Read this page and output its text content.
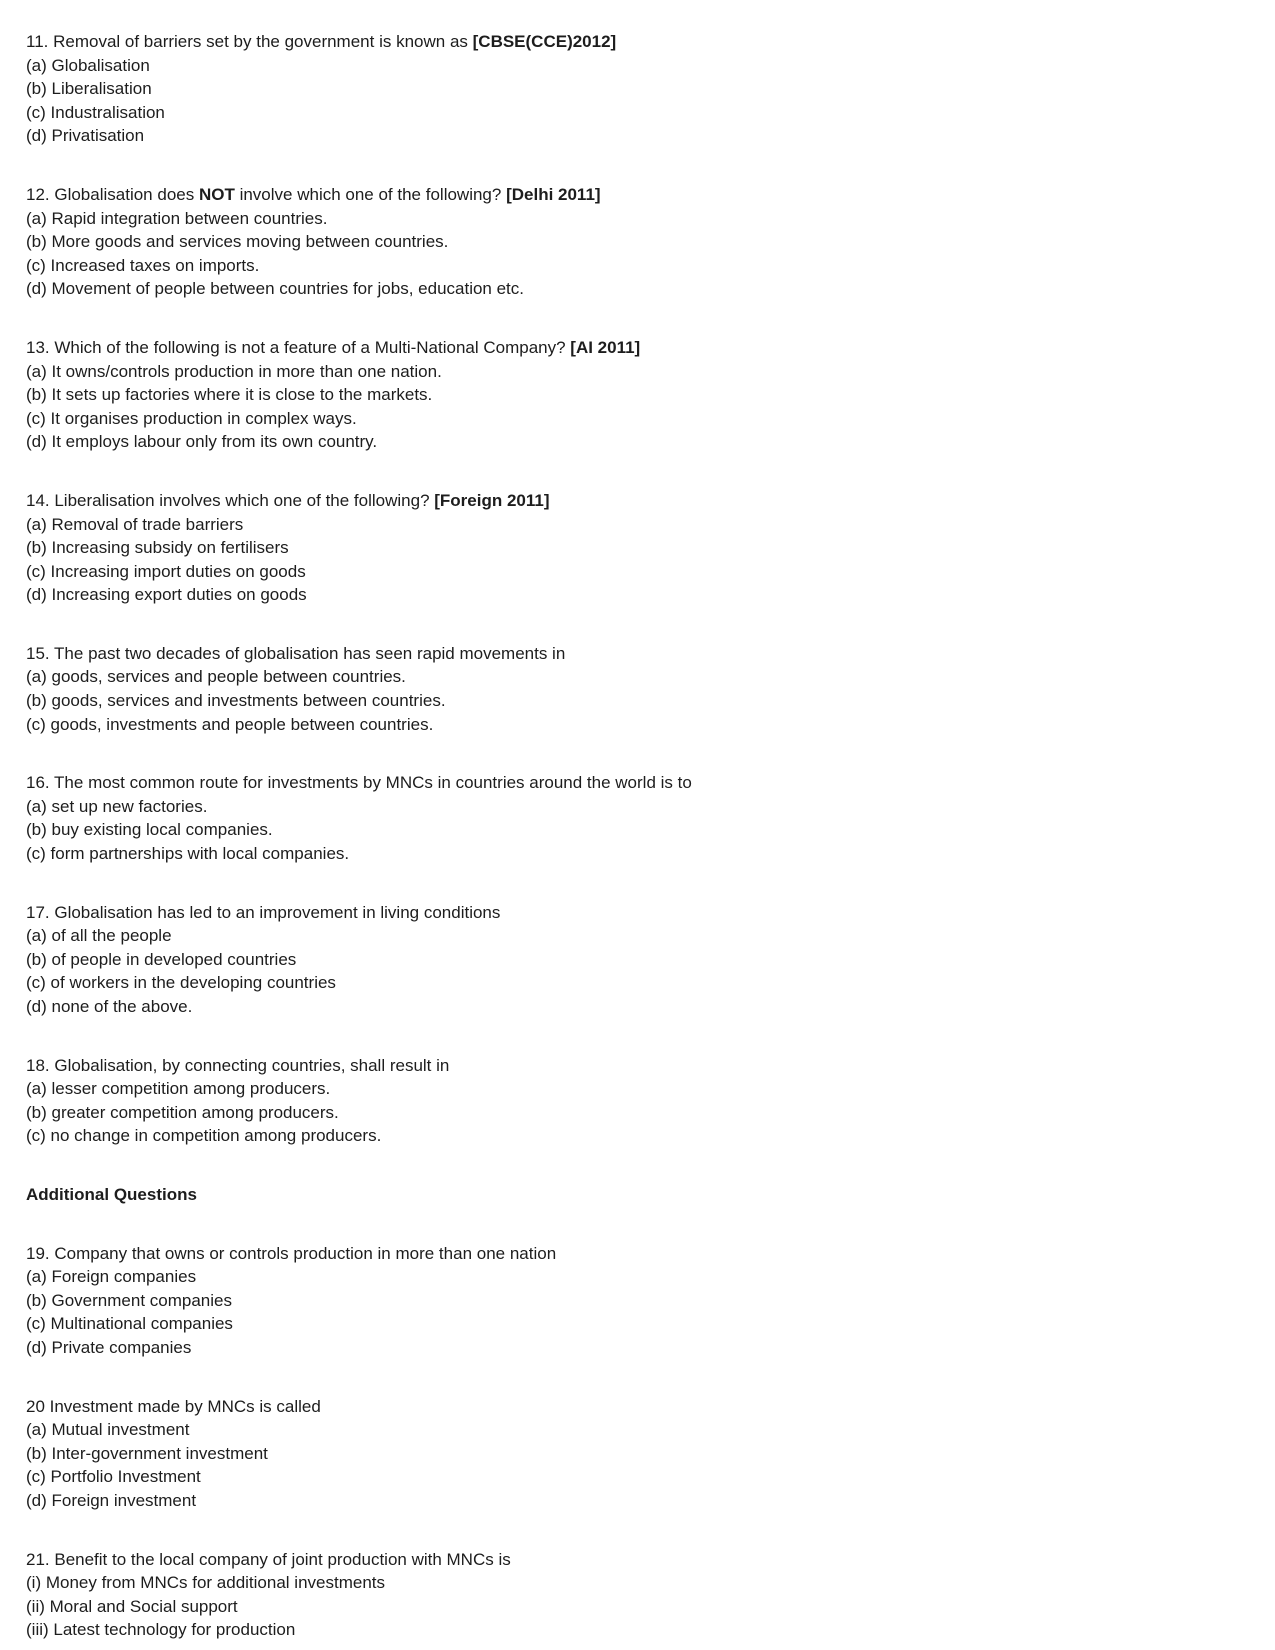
11. Removal of barriers set by the government is known as [CBSE(CCE)2012]
(a) Globalisation
(b) Liberalisation
(c) Industralisation
(d) Privatisation
12. Globalisation does NOT involve which one of the following? [Delhi 2011]
(a) Rapid integration between countries.
(b) More goods and services moving between countries.
(c) Increased taxes on imports.
(d) Movement of people between countries for jobs, education etc.
13. Which of the following is not a feature of a Multi-National Company? [AI 2011]
(a) It owns/controls production in more than one nation.
(b) It sets up factories where it is close to the markets.
(c) It organises production in complex ways.
(d) It employs labour only from its own country.
14. Liberalisation involves which one of the following? [Foreign 2011]
(a) Removal of trade barriers
(b) Increasing subsidy on fertilisers
(c) Increasing import duties on goods
(d) Increasing export duties on goods
15. The past two decades of globalisation has seen rapid movements in
(a) goods, services and people between countries.
(b) goods, services and investments between countries.
(c) goods, investments and people between countries.
16. The most common route for investments by MNCs in countries around the world is to
(a) set up new factories.
(b) buy existing local companies.
(c) form partnerships with local companies.
17. Globalisation has led to an improvement in living conditions
(a) of all the people
(b) of people in developed countries
(c) of workers in the developing countries
(d) none of the above.
18. Globalisation, by connecting countries, shall result in
(a) lesser competition among producers.
(b) greater competition among producers.
(c) no change in competition among producers.
Additional Questions
19. Company that owns or controls production in more than one nation
(a) Foreign companies
(b) Government companies
(c) Multinational companies
(d) Private companies
20 Investment made by MNCs is called
(a) Mutual investment
(b) Inter-government investment
(c) Portfolio Investment
(d) Foreign investment
21. Benefit to the local company of joint production with MNCs is
(i) Money from MNCs for additional investments
(ii) Moral and Social support
(iii) Latest technology for production
